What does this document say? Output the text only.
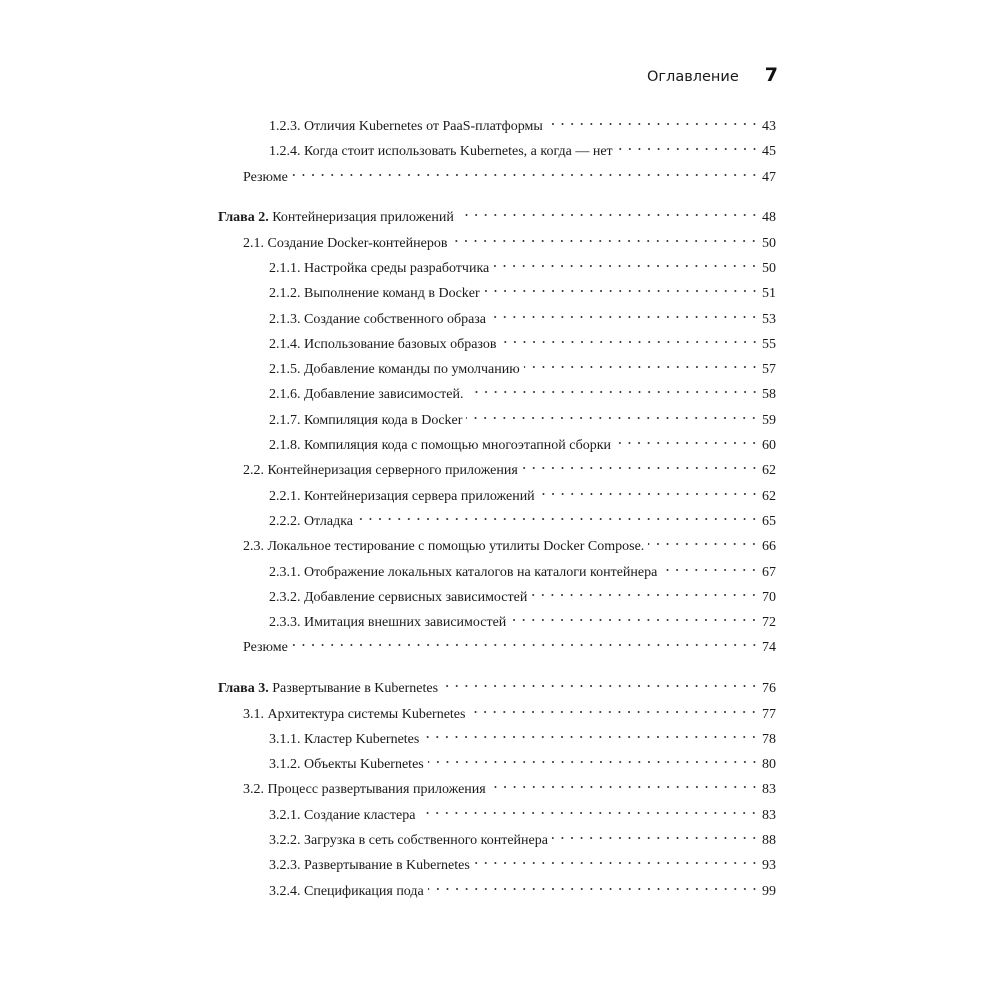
Оглавление 7
1.2.3. Отличия Kubernetes от PaaS-платформы	43
1.2.4. Когда стоит использовать Kubernetes, а когда — нет	45
Резюме	47
Глава 2. Контейнеризация приложений	48
2.1. Создание Docker-контейнеров	50
2.1.1. Настройка среды разработчика	50
2.1.2. Выполнение команд в Docker	51
2.1.3. Создание собственного образа	53
2.1.4. Использование базовых образов	55
2.1.5. Добавление команды по умолчанию	57
2.1.6. Добавление зависимостей.	58
2.1.7. Компиляция кода в Docker	59
2.1.8. Компиляция кода с помощью многоэтапной сборки	60
2.2. Контейнеризация серверного приложения	62
2.2.1. Контейнеризация сервера приложений	62
2.2.2. Отладка	65
2.3. Локальное тестирование с помощью утилиты Docker Compose.	66
2.3.1. Отображение локальных каталогов на каталоги контейнера	67
2.3.2. Добавление сервисных зависимостей	70
2.3.3. Имитация внешних зависимостей	72
Резюме	74
Глава 3. Развертывание в Kubernetes	76
3.1. Архитектура системы Kubernetes	77
3.1.1. Кластер Kubernetes	78
3.1.2. Объекты Kubernetes	80
3.2. Процесс развертывания приложения	83
3.2.1. Создание кластера	83
3.2.2. Загрузка в сеть собственного контейнера	88
3.2.3. Развертывание в Kubernetes	93
3.2.4. Спецификация пода	99
